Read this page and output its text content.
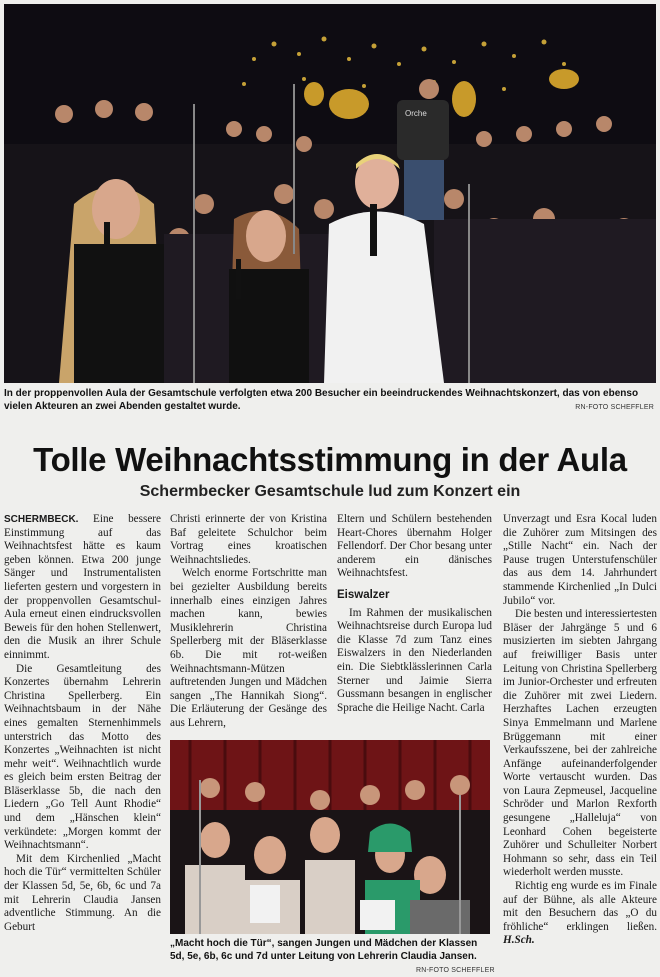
Orche
In der proppenvollen Aula der Gesamtschule verfolgten etwa 200 Besucher ein beeindruckendes Weihnachtskonzert, das von ebenso vielen Akteuren an zwei Abenden gestaltet wurde.	RN-FOTO SCHEFFLER
Tolle Weihnachtsstimmung in der Aula
Schermbecker Gesamtschule lud zum Konzert ein

SCHERMBECK. Eine bessere Einstimmung auf das Weihnachtsfest hätte es kaum geben können. Etwa 200 junge Sänger und Instrumentalisten lieferten gestern und vorgestern in der proppenvollen Gesamtschul-Aula erneut einen eindrucksvollen Beweis für den hohen Stellenwert, den die Musik an ihrer Schule einnimmt.

Die Gesamtleitung des Konzertes übernahm Lehrerin Christina Spellerberg. Ein Weihnachtsbaum in der Nähe eines gemalten Sternenhimmels unterstrich das Motto des Konzertes „Weihnachten ist nicht mehr weit“. Weihnachtlich wurde es gleich beim ersten Beitrag der Bläserklasse 5b, die nach den Liedern „Go Tell Aunt Rhodie“ und dem „Hänschen klein“ verkündete: „Morgen kommt der Weihnachtsmann“.

Mit dem Kirchenlied „Macht hoch die Tür“ vermittelten Schüler der Klassen 5d, 5e, 6b, 6c und 7a mit Lehrerin Claudia Jansen adventliche Stimmung. An die Geburt

Christi erinnerte der von Kristina Baf geleitete Schulchor beim Vortrag eines kroatischen Weihnachtsliedes.

Welch enorme Fortschritte man bei gezielter Ausbildung bereits innerhalb eines einzigen Jahres machen kann, bewies Musiklehrerin Christina Spellerberg mit der Bläserklasse 6b. Die mit rot-weißen Weihnachtsmann-Mützen auftretenden Jungen und Mädchen sangen „The Hannikah Siong“. Die Erläuterung der Gesänge des aus Lehrern,

„Macht hoch die Tür“, sangen Jungen und Mädchen der Klassen 5d, 5e, 6b, 6c und 7d unter Leitung von Lehrerin Claudia Jansen.
RN-FOTO SCHEFFLER

Eltern und Schülern bestehenden Heart-Chores übernahm Holger Fellendorf. Der Chor besang unter anderem ein dänisches Weihnachtsfest.

Eiswalzer

Im Rahmen der musikalischen Weihnachtsreise durch Europa lud die Klasse 7d zum Tanz eines Eiswalzers in den Niederlanden ein. Die Siebtklässlerinnen Carla Sterner und Jaimie Sierra Gussmann besangen in englischer Sprache die Heilige Nacht. Carla

Unverzagt und Esra Kocal luden die Zuhörer zum Mitsingen des „Stille Nacht“ ein. Nach der Pause trugen Unterstufenschüler das aus dem 14. Jahrhundert stammende Kirchenlied „In Dulci Jubilo“ vor.

Die besten und interessiertesten Bläser der Jahrgänge 5 und 6 musizierten im siebten Jahrgang auf freiwilliger Basis unter Leitung von Christina Spellerberg im Junior-Orchester und erfreuten die Zuhörer mit zwei Liedern. Herzhaftes Lachen erzeugten Sinya Emmelmann und Marlene Brüggemann mit einer Verkaufsszene, bei der zahlreiche Anfänge aufeinanderfolgender Worte vertauscht wurden. Das von Laura Zepmeusel, Jacqueline Schröder und Marlon Rexforth gesungene „Halleluja“ von Leonhard Cohen begeisterte Zuhörer und Schulleiter Norbert Hohmann so sehr, dass ein Teil wiederholt werden musste.

Richtig eng wurde es im Finale auf der Bühne, als alle Akteure mit den Besuchern das „O du fröhliche“ erklingen ließen. H.Sch.
